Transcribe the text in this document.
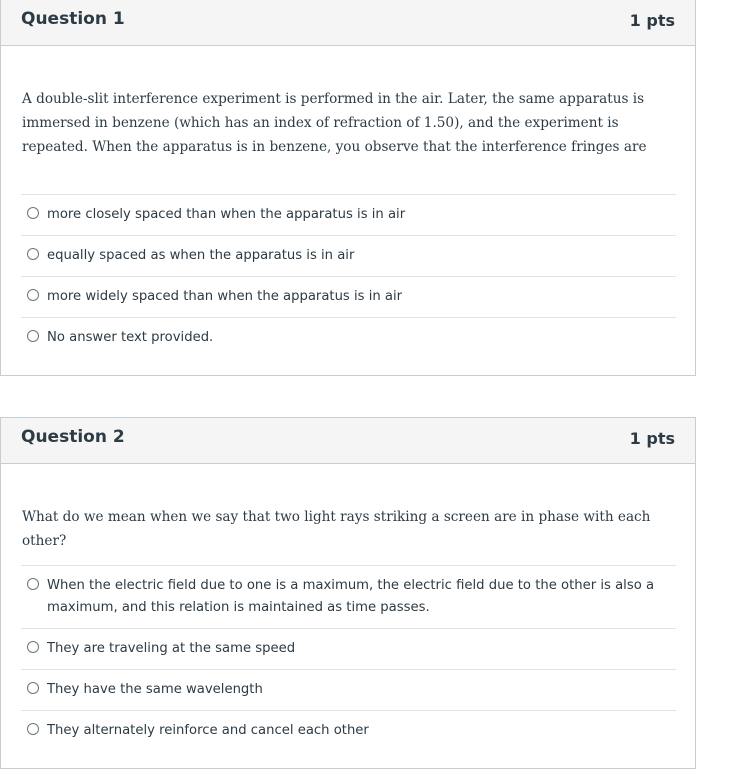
Question 1	1 pts
A double-slit interference experiment is performed in the air. Later, the same apparatus is immersed in benzene (which has an index of refraction of 1.50), and the experiment is repeated. When the apparatus is in benzene, you observe that the interference fringes are
more closely spaced than when the apparatus is in air
equally spaced as when the apparatus is in air
more widely spaced than when the apparatus is in air
No answer text provided.
Question 2	1 pts
What do we mean when we say that two light rays striking a screen are in phase with each other?
When the electric field due to one is a maximum, the electric field due to the other is also a maximum, and this relation is maintained as time passes.
They are traveling at the same speed
They have the same wavelength
They alternately reinforce and cancel each other
